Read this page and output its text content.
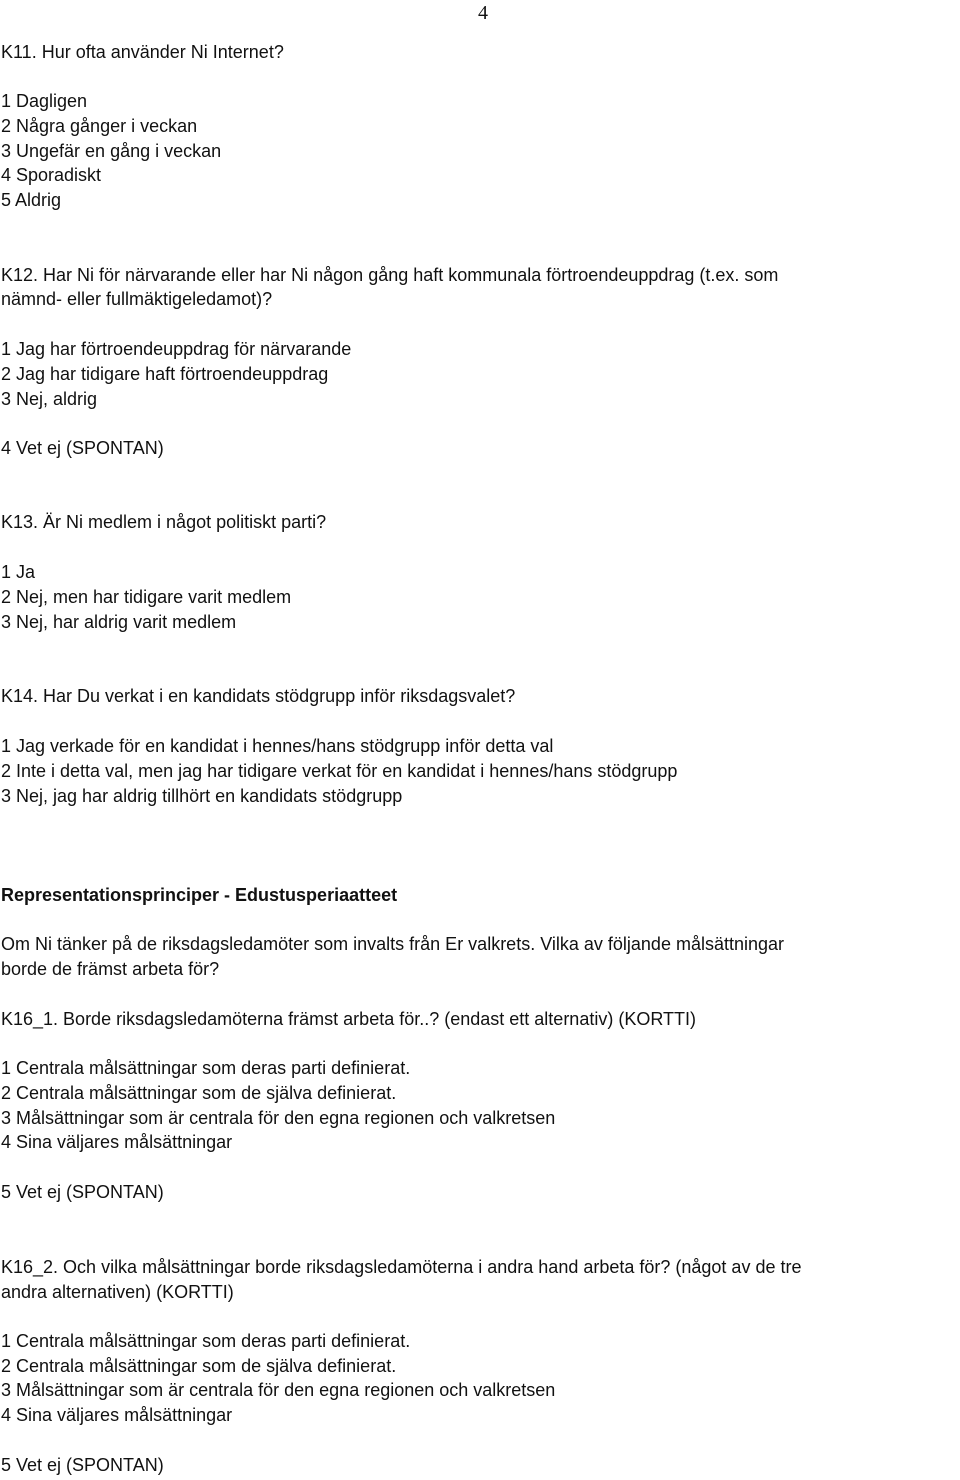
4
K11. Hur ofta använder Ni Internet?
1 Dagligen
2 Några gånger i veckan
3 Ungefär en gång i veckan
4 Sporadiskt
5 Aldrig
K12. Har Ni för närvarande eller har Ni någon gång haft kommunala förtroendeuppdrag (t.ex. som
nämnd- eller fullmäktigeledamot)?
1 Jag har förtroendeuppdrag för närvarande
2 Jag har tidigare haft förtroendeuppdrag
3 Nej, aldrig
4 Vet ej (SPONTAN)
K13. Är Ni medlem i något politiskt parti?
1 Ja
2 Nej, men har tidigare varit medlem
3 Nej, har aldrig varit medlem
K14. Har Du verkat i en kandidats stödgrupp inför riksdagsvalet?
1 Jag verkade för en kandidat i hennes/hans stödgrupp inför detta val
2 Inte i detta val, men jag har tidigare verkat för en kandidat i hennes/hans stödgrupp
3 Nej, jag har aldrig tillhört en kandidats stödgrupp
Representationsprinciper - Edustusperiaatteet
Om Ni tänker på de riksdagsledamöter som invalts från Er valkrets. Vilka av följande målsättningar
borde de främst arbeta för?
K16_1. Borde riksdagsledamöterna främst arbeta för..? (endast ett alternativ) (KORTTI)
1 Centrala målsättningar som deras parti definierat.
2 Centrala målsättningar som de själva definierat.
3 Målsättningar som är centrala för den egna regionen och valkretsen
4 Sina väljares målsättningar
5 Vet ej (SPONTAN)
K16_2. Och vilka målsättningar borde riksdagsledamöterna i andra hand arbeta för? (något av de tre
andra alternativen) (KORTTI)
1 Centrala målsättningar som deras parti definierat.
2 Centrala målsättningar som de själva definierat.
3 Målsättningar som är centrala för den egna regionen och valkretsen
4 Sina väljares målsättningar
5 Vet ej (SPONTAN)
